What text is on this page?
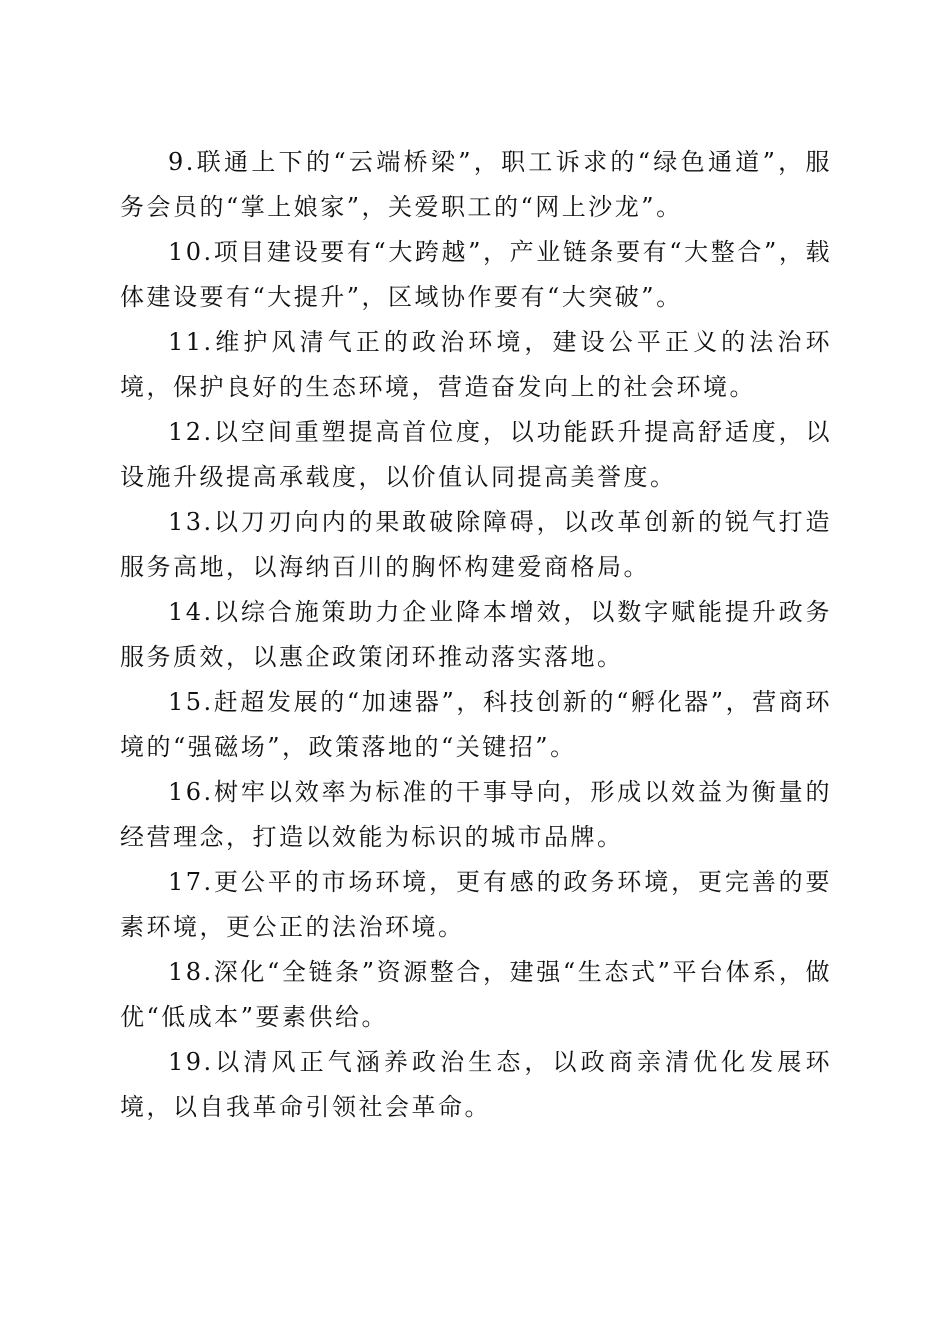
9.联通上下的“云端桥梁”，职工诉求的“绿色通道”，服务会员的“掌上娘家”，关爱职工的“网上沙龙”。

10.项目建设要有“大跨越”，产业链条要有“大整合”，载体建设要有“大提升”，区域协作要有“大突破”。

11.维护风清气正的政治环境，建设公平正义的法治环境，保护良好的生态环境，营造奋发向上的社会环境。

12.以空间重塑提高首位度，以功能跃升提高舒适度，以设施升级提高承载度，以价值认同提高美誉度。

13.以刀刃向内的果敢破除障碍，以改革创新的锐气打造服务高地，以海纳百川的胸怀构建爱商格局。

14.以综合施策助力企业降本增效，以数字赋能提升政务服务质效，以惠企政策闭环推动落实落地。

15.赶超发展的“加速器”，科技创新的“孵化器”，营商环境的“强磁场”，政策落地的“关键招”。

16.树牢以效率为标准的干事导向，形成以效益为衡量的经营理念，打造以效能为标识的城市品牌。

17.更公平的市场环境，更有感的政务环境，更完善的要素环境，更公正的法治环境。

18.深化“全链条”资源整合，建强“生态式”平台体系，做优“低成本”要素供给。

19.以清风正气涵养政治生态，以政商亲清优化发展环境，以自我革命引领社会革命。
